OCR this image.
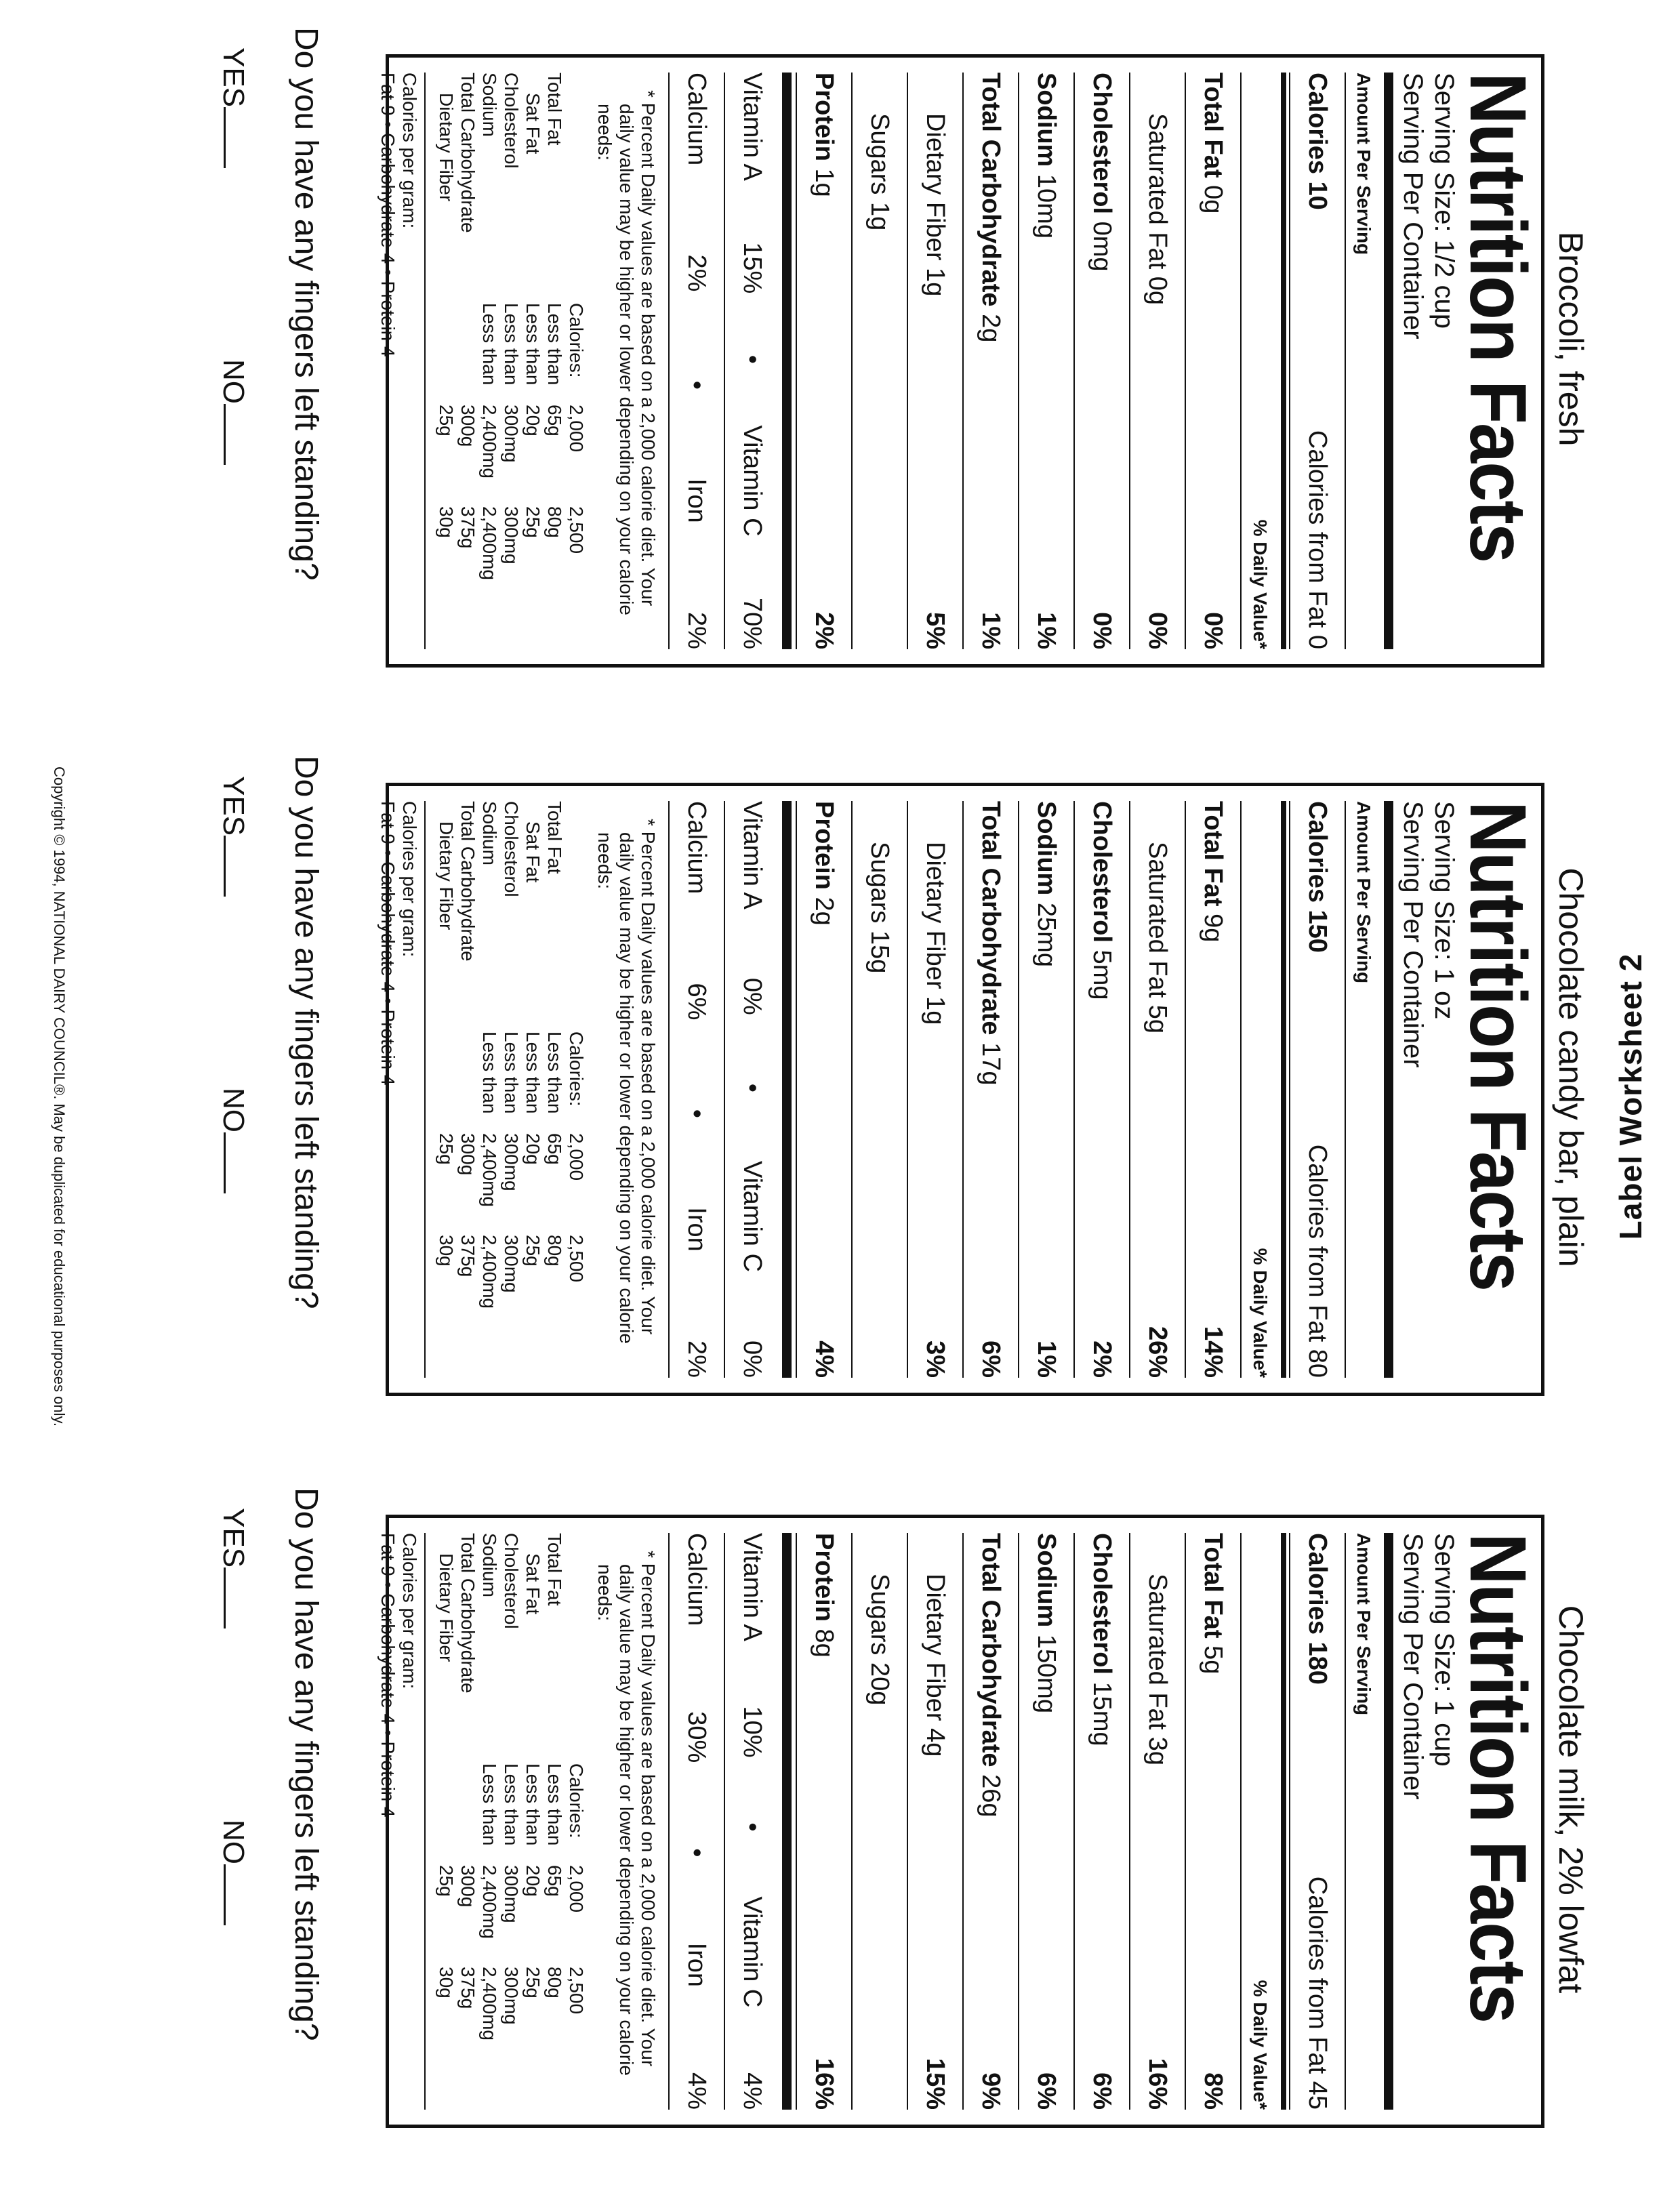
Label Worksheet 2
Broccoli, fresh
Nutrition Facts
Serving Size: 1/2 cup
Serving Per Container
Amount Per Serving
Calories 10
Calories from Fat 0
% Daily Value*
Total Fat 0g
0%
Saturated Fat 0g
0%
Cholesterol 0mg
0%
Sodium 10mg
1%
Total Carbohydrate 2g
1%
Dietary Fiber 1g
5%
Sugars 1g
Protein 1g
2%
Vitamin A
15%
•
Vitamin C
70%
Calcium
2%
•
Iron
2%
* Percent Daily values are based on a 2,000 calorie diet. Your daily value may be higher or lower depending on your calorie needs:
Calories:
2,000
2,500
Total Fat
Less than
65g
80g
Sat Fat
Less than
20g
25g
Cholesterol
Less than
300mg
300mg
Sodium
Less than
2,400mg
2,400mg
Total Carbohydrate
300g
375g
Dietary Fiber
25g
30g
Calories per gram:
Fat 9 • Carbohydrate 4 • Protein 4
Do you have any fingers left standing?
YES
NO
Chocolate candy bar, plain
Nutrition Facts
Serving Size: 1 oz
Serving Per Container
Amount Per Serving
Calories 150
Calories from Fat 80
% Daily Value*
Total Fat 9g
14%
Saturated Fat 5g
26%
Cholesterol 5mg
2%
Sodium 25mg
1%
Total Carbohydrate 17g
6%
Dietary Fiber 1g
3%
Sugars 15g
Protein 2g
4%
Vitamin A
0%
•
Vitamin C
0%
Calcium
6%
•
Iron
2%
* Percent Daily values are based on a 2,000 calorie diet. Your daily value may be higher or lower depending on your calorie needs:
Calories:
2,000
2,500
Total Fat
Less than
65g
80g
Sat Fat
Less than
20g
25g
Cholesterol
Less than
300mg
300mg
Sodium
Less than
2,400mg
2,400mg
Total Carbohydrate
300g
375g
Dietary Fiber
25g
30g
Calories per gram:
Fat 9 • Carbohydrate 4 • Protein 4
Do you have any fingers left standing?
YES
NO
Chocolate milk, 2% lowfat
Nutrition Facts
Serving Size: 1 cup
Serving Per Container
Amount Per Serving
Calories 180
Calories from Fat 45
% Daily Value*
Total Fat 5g
8%
Saturated Fat 3g
16%
Cholesterol 15mg
6%
Sodium 150mg
6%
Total Carbohydrate 26g
9%
Dietary Fiber 4g
15%
Sugars 20g
Protein 8g
16%
Vitamin A
10%
•
Vitamin C
4%
Calcium
30%
•
Iron
4%
* Percent Daily values are based on a 2,000 calorie diet. Your daily value may be higher or lower depending on your calorie needs:
Calories:
2,000
2,500
Total Fat
Less than
65g
80g
Sat Fat
Less than
20g
25g
Cholesterol
Less than
300mg
300mg
Sodium
Less than
2,400mg
2,400mg
Total Carbohydrate
300g
375g
Dietary Fiber
25g
30g
Calories per gram:
Fat 9 • Carbohydrate 4 • Protein 4
Do you have any fingers left standing?
YES
NO
Copyright © 1994, NATIONAL DAIRY COUNCIL®. May be duplicated for educational purposes only.
